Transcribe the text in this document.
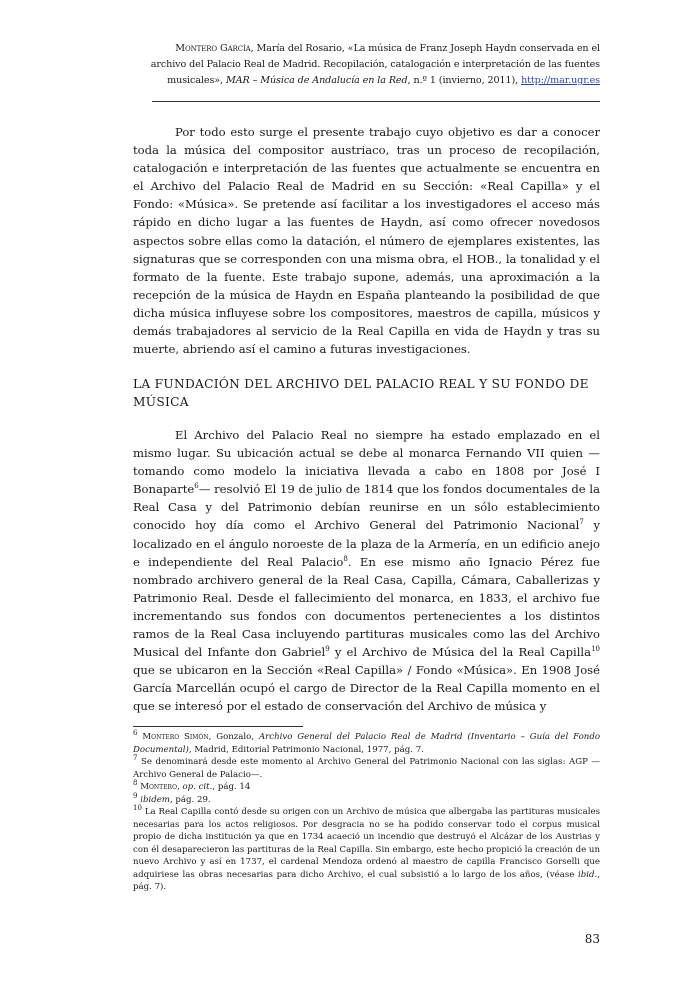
Montero García, María del Rosario, «La música de Franz Joseph Haydn conservada en el archivo del Palacio Real de Madrid. Recopilación, catalogación e interpretación de las fuentes musicales», MAR – Música de Andalucía en la Red, n.º 1 (invierno, 2011), http://mar.ugr.es

Por todo esto surge el presente trabajo cuyo objetivo es dar a conocer toda la música del compositor austriaco, tras un proceso de recopilación, catalogación e interpretación de las fuentes que actualmente se encuentra en el Archivo del Palacio Real de Madrid en su Sección: «Real Capilla» y el Fondo: «Música». Se pretende así facilitar a los investigadores el acceso más rápido en dicho lugar a las fuentes de Haydn, así como ofrecer novedosos aspectos sobre ellas como la datación, el número de ejemplares existentes, las signaturas que se corresponden con una misma obra, el HOB., la tonalidad y el formato de la fuente. Este trabajo supone, además, una aproximación a la recepción de la música de Haydn en España planteando la posibilidad de que dicha música influyese sobre los compositores, maestros de capilla, músicos y demás trabajadores al servicio de la Real Capilla en vida de Haydn y tras su muerte, abriendo así el camino a futuras investigaciones.

LA FUNDACIÓN DEL ARCHIVO DEL PALACIO REAL Y SU FONDO DE MÚSICA

El Archivo del Palacio Real no siempre ha estado emplazado en el mismo lugar. Su ubicación actual se debe al monarca Fernando VII quien —tomando como modelo la iniciativa llevada a cabo en 1808 por José I Bonaparte$^6$— resolvió El 19 de julio de 1814 que los fondos documentales de la Real Casa y del Patrimonio debían reunirse en un sólo establecimiento conocido hoy día como el Archivo General del Patrimonio Nacional$^7$ y localizado en el ángulo noroeste de la plaza de la Armería, en un edificio anejo e independiente del Real Palacio$^8$. En ese mismo año Ignacio Pérez fue nombrado archivero general de la Real Casa, Capilla, Cámara, Caballerizas y Patrimonio Real. Desde el fallecimiento del monarca, en 1833, el archivo fue incrementando sus fondos con documentos pertenecientes a los distintos ramos de la Real Casa incluyendo partituras musicales como las del Archivo Musical del Infante don Gabriel$^9$ y el Archivo de Música del la Real Capilla$^{10}$ que se ubicaron en la Sección «Real Capilla» / Fondo «Música». En 1908 José García Marcellán ocupó el cargo de Director de la Real Capilla momento en el que se interesó por el estado de conservación del Archivo de música y

$^6$ Montero Simón, Gonzalo, Archivo General del Palacio Real de Madrid (Inventario – Guía del Fondo Documental), Madrid, Editorial Patrimonio Nacional, 1977, pág. 7.

$^7$ Se denominará desde este momento al Archivo General del Patrimonio Nacional con las siglas: AGP —Archivo General de Palacio—.

$^8$ Montero, op. cit., pág. 14

$^9$ ibidem, pág. 29.

$^{10}$ La Real Capilla contó desde su origen con un Archivo de música que albergaba las partituras musicales necesarias para los actos religiosos. Por desgracia no se ha podido conservar todo el corpus musical propio de dicha institución ya que en 1734 acaeció un incendio que destruyó el Alcázar de los Austrias y con él desaparecieron las partituras de la Real Capilla. Sin embargo, este hecho propició la creación de un nuevo Archivo y así en 1737, el cardenal Mendoza ordenó al maestro de capilla Francisco Gorselli que adquiriese las obras necesarias para dicho Archivo, el cual subsistió a lo largo de los años, (véase ibid., pág. 7).

83
